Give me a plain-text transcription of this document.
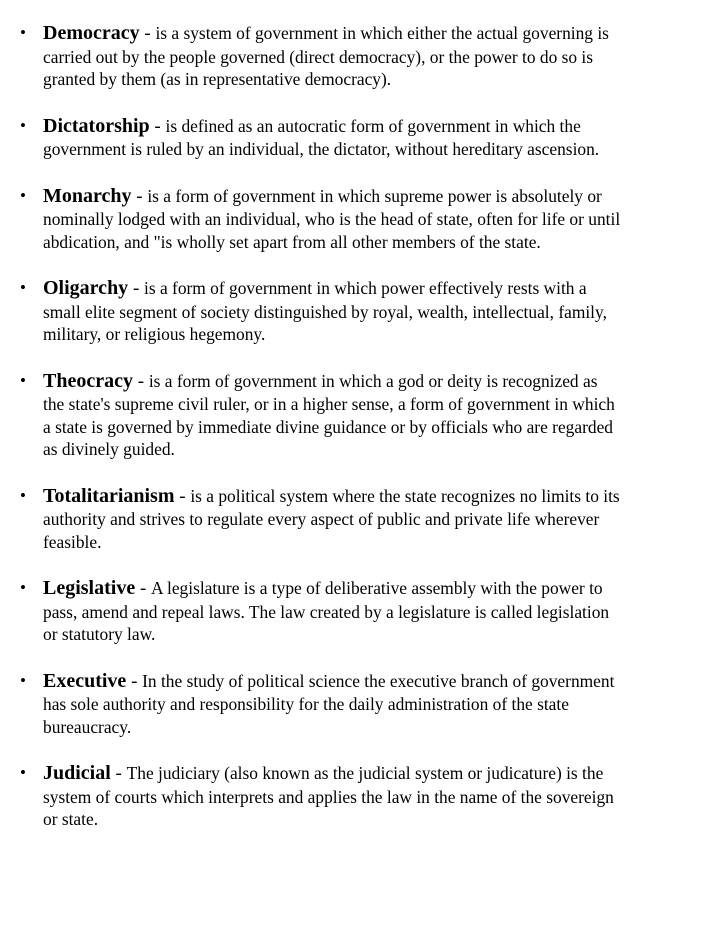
• Democracy - is a system of government in which either the actual governing is carried out by the people governed (direct democracy), or the power to do so is granted by them (as in representative democracy).
• Dictatorship - is defined as an autocratic form of government in which the government is ruled by an individual, the dictator, without hereditary ascension.
• Monarchy - is a form of government in which supreme power is absolutely or nominally lodged with an individual, who is the head of state, often for life or until abdication, and "is wholly set apart from all other members of the state.
• Oligarchy - is a form of government in which power effectively rests with a small elite segment of society distinguished by royal, wealth, intellectual, family, military, or religious hegemony.
• Theocracy - is a form of government in which a god or deity is recognized as the state's supreme civil ruler, or in a higher sense, a form of government in which a state is governed by immediate divine guidance or by officials who are regarded as divinely guided.
• Totalitarianism - is a political system where the state recognizes no limits to its authority and strives to regulate every aspect of public and private life wherever feasible.
• Legislative - A legislature is a type of deliberative assembly with the power to pass, amend and repeal laws. The law created by a legislature is called legislation or statutory law.
• Executive - In the study of political science the executive branch of government has sole authority and responsibility for the daily administration of the state bureaucracy.
• Judicial - The judiciary (also known as the judicial system or judicature) is the system of courts which interprets and applies the law in the name of the sovereign or state.
